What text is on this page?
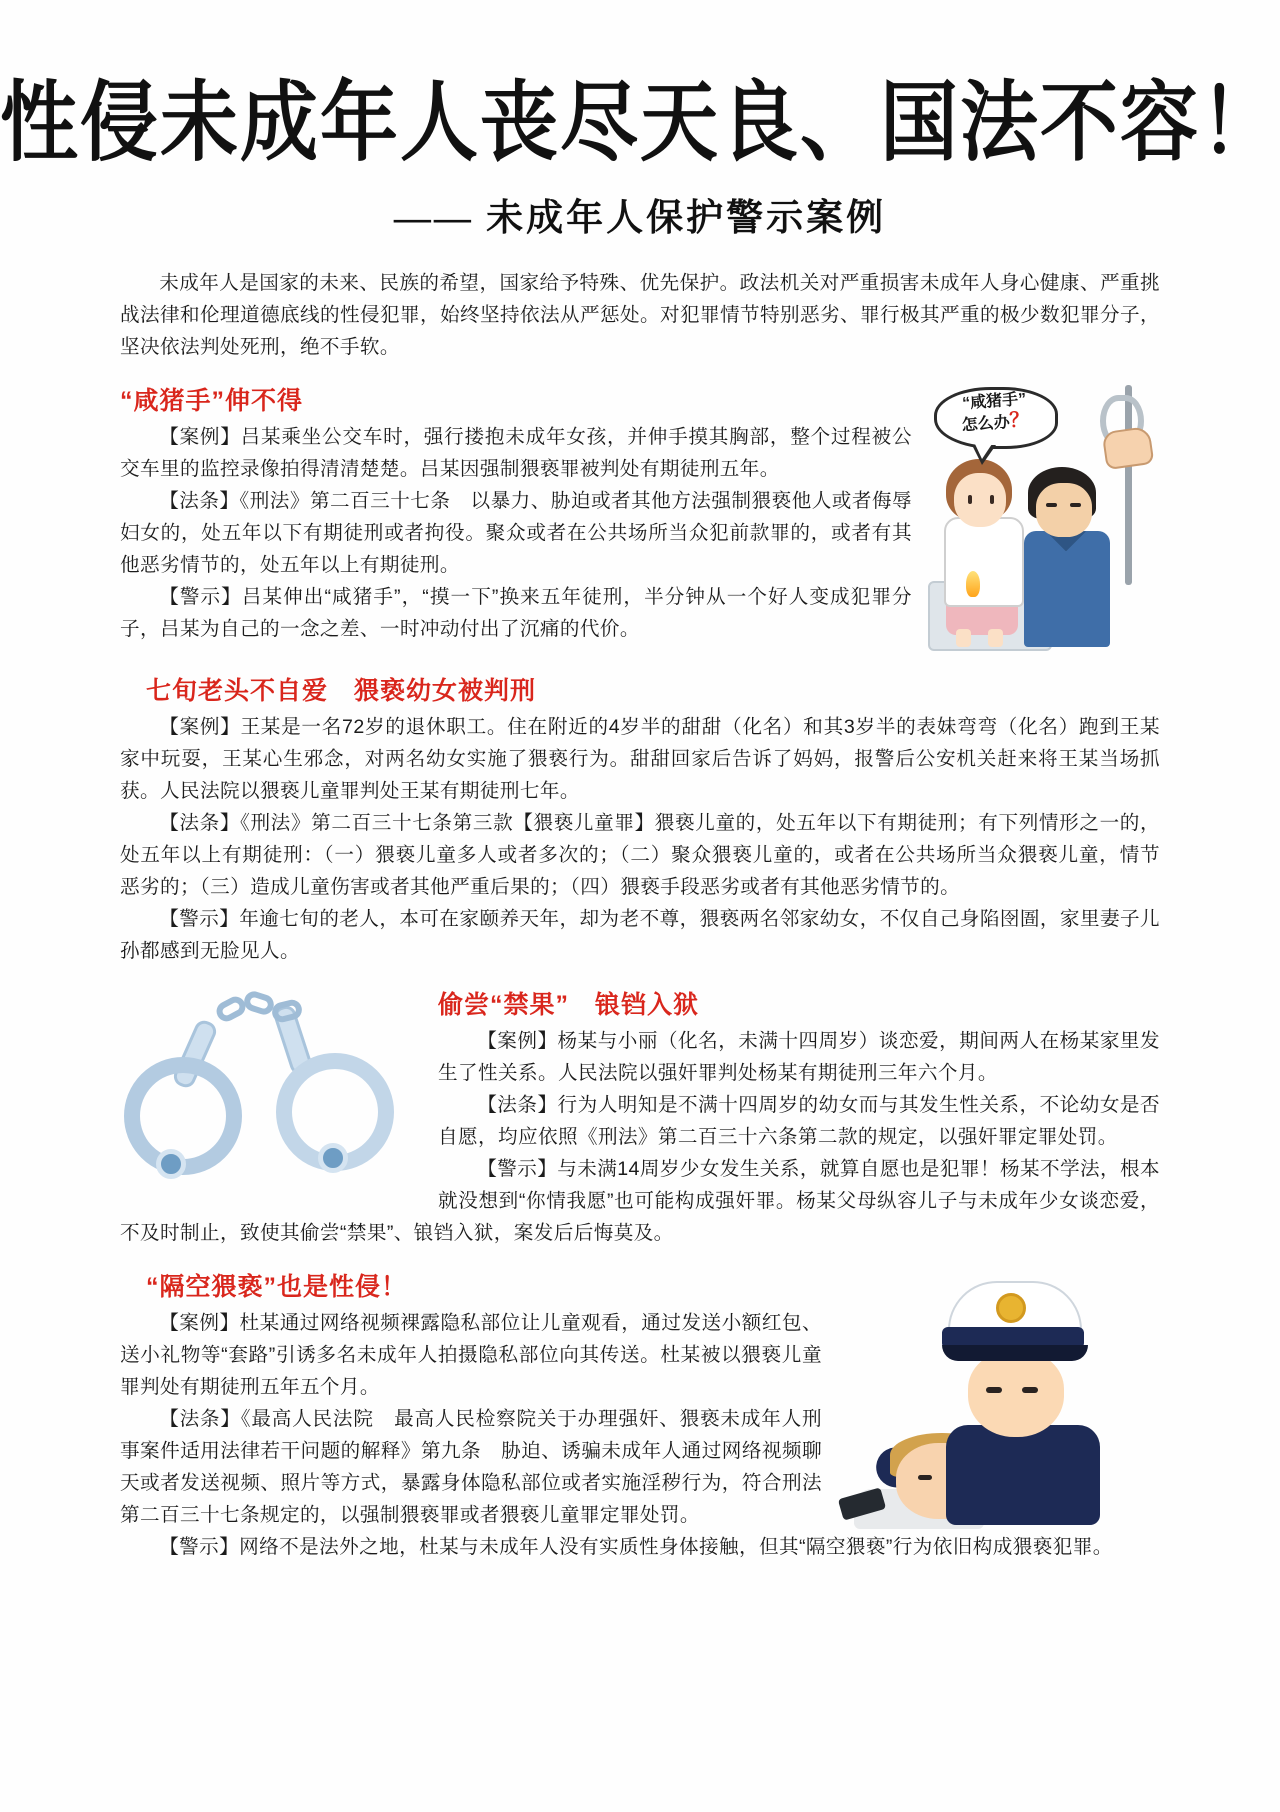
性侵未成年人丧尽天良、国法不容！
—— 未成年人保护警示案例

未成年人是国家的未来、民族的希望，国家给予特殊、优先保护。政法机关对严重损害未成年人身心健康、严重挑战法律和伦理道德底线的性侵犯罪，始终坚持依法从严惩处。对犯罪情节特别恶劣、罪行极其严重的极少数犯罪分子，坚决依法判处死刑，绝不手软。

“咸猪手”
怎么办？
“咸猪手”伸不得

【案例】吕某乘坐公交车时，强行搂抱未成年女孩，并伸手摸其胸部，整个过程被公交车里的监控录像拍得清清楚楚。吕某因强制猥亵罪被判处有期徒刑五年。

【法条】《刑法》第二百三十七条　以暴力、胁迫或者其他方法强制猥亵他人或者侮辱妇女的，处五年以下有期徒刑或者拘役。聚众或者在公共场所当众犯前款罪的，或者有其他恶劣情节的，处五年以上有期徒刑。

【警示】吕某伸出“咸猪手”，“摸一下”换来五年徒刑，半分钟从一个好人变成犯罪分子，吕某为自己的一念之差、一时冲动付出了沉痛的代价。

七旬老头不自爱　猥亵幼女被判刑

【案例】王某是一名72岁的退休职工。住在附近的4岁半的甜甜（化名）和其3岁半的表妹弯弯（化名）跑到王某家中玩耍，王某心生邪念，对两名幼女实施了猥亵行为。甜甜回家后告诉了妈妈，报警后公安机关赶来将王某当场抓获。人民法院以猥亵儿童罪判处王某有期徒刑七年。

【法条】《刑法》第二百三十七条第三款【猥亵儿童罪】猥亵儿童的，处五年以下有期徒刑；有下列情形之一的，处五年以上有期徒刑：（一）猥亵儿童多人或者多次的；（二）聚众猥亵儿童的，或者在公共场所当众猥亵儿童，情节恶劣的；（三）造成儿童伤害或者其他严重后果的；（四）猥亵手段恶劣或者有其他恶劣情节的。

【警示】年逾七旬的老人，本可在家颐养天年，却为老不尊，猥亵两名邻家幼女，不仅自己身陷囹圄，家里妻子儿孙都感到无脸见人。

偷尝“禁果”　锒铛入狱

【案例】杨某与小丽（化名，未满十四周岁）谈恋爱，期间两人在杨某家里发生了性关系。人民法院以强奸罪判处杨某有期徒刑三年六个月。

【法条】行为人明知是不满十四周岁的幼女而与其发生性关系，不论幼女是否自愿，均应依照《刑法》第二百三十六条第二款的规定，以强奸罪定罪处罚。

【警示】与未满14周岁少女发生关系，就算自愿也是犯罪！杨某不学法，根本就没想到“你情我愿”也可能构成强奸罪。杨某父母纵容儿子与未成年少女谈恋爱，不及时制止，致使其偷尝“禁果”、锒铛入狱，案发后后悔莫及。

“隔空猥亵”也是性侵！

【案例】杜某通过网络视频裸露隐私部位让儿童观看，通过发送小额红包、送小礼物等“套路”引诱多名未成年人拍摄隐私部位向其传送。杜某被以猥亵儿童罪判处有期徒刑五年五个月。

【法条】《最高人民法院　最高人民检察院关于办理强奸、猥亵未成年人刑事案件适用法律若干问题的解释》第九条　胁迫、诱骗未成年人通过网络视频聊天或者发送视频、照片等方式，暴露身体隐私部位或者实施淫秽行为，符合刑法第二百三十七条规定的，以强制猥亵罪或者猥亵儿童罪定罪处罚。

【警示】网络不是法外之地，杜某与未成年人没有实质性身体接触，但其“隔空猥亵”行为依旧构成猥亵犯罪。
